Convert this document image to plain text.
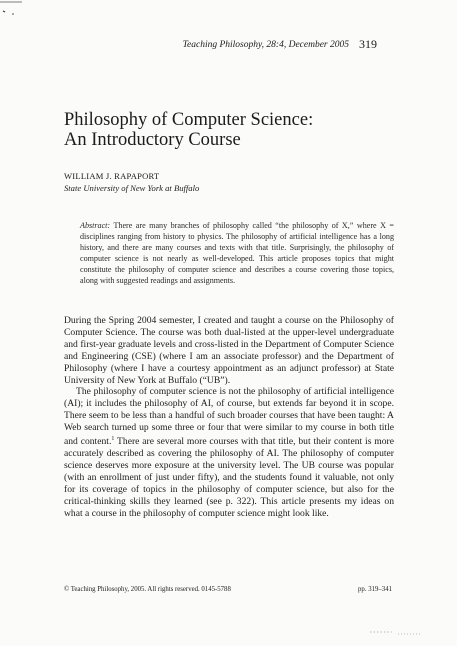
Teaching Philosophy, 28:4, December 2005 319
Philosophy of Computer Science:
An Introductory Course
WILLIAM J. RAPAPORT
State University of New York at Buffalo

Abstract: There are many branches of philosophy called “the philosophy of X,” where X = disciplines ranging from history to physics. The philosophy of artificial intelligence has a long history, and there are many courses and texts with that title. Surprisingly, the philosophy of computer science is not nearly as well-developed. This article proposes topics that might constitute the philosophy of computer science and describes a course covering those topics, along with suggested readings and assignments.

During the Spring 2004 semester, I created and taught a course on the Philosophy of Computer Science. The course was both dual-listed at the upper-level undergraduate and first-year graduate levels and cross-listed in the Department of Computer Science and Engineering (CSE) (where I am an associate professor) and the Department of Philosophy (where I have a courtesy appointment as an adjunct professor) at State University of New York at Buffalo (“UB”).

The philosophy of computer science is not the philosophy of artificial intelligence (AI); it includes the philosophy of AI, of course, but extends far beyond it in scope. There seem to be less than a handful of such broader courses that have been taught: A Web search turned up some three or four that were similar to my course in both title and content.$^1$ There are several more courses with that title, but their content is more accurately described as covering the philosophy of AI. The philosophy of computer science deserves more exposure at the university level. The UB course was popular (with an enrollment of just under fifty), and the students found it valuable, not only for its coverage of topics in the philosophy of computer science, but also for the critical-thinking skills they learned (see p. 322). This article presents my ideas on what a course in the philosophy of computer science might look like.

© Teaching Philosophy, 2005. All rights reserved. 0145-5788	pp. 319–341
